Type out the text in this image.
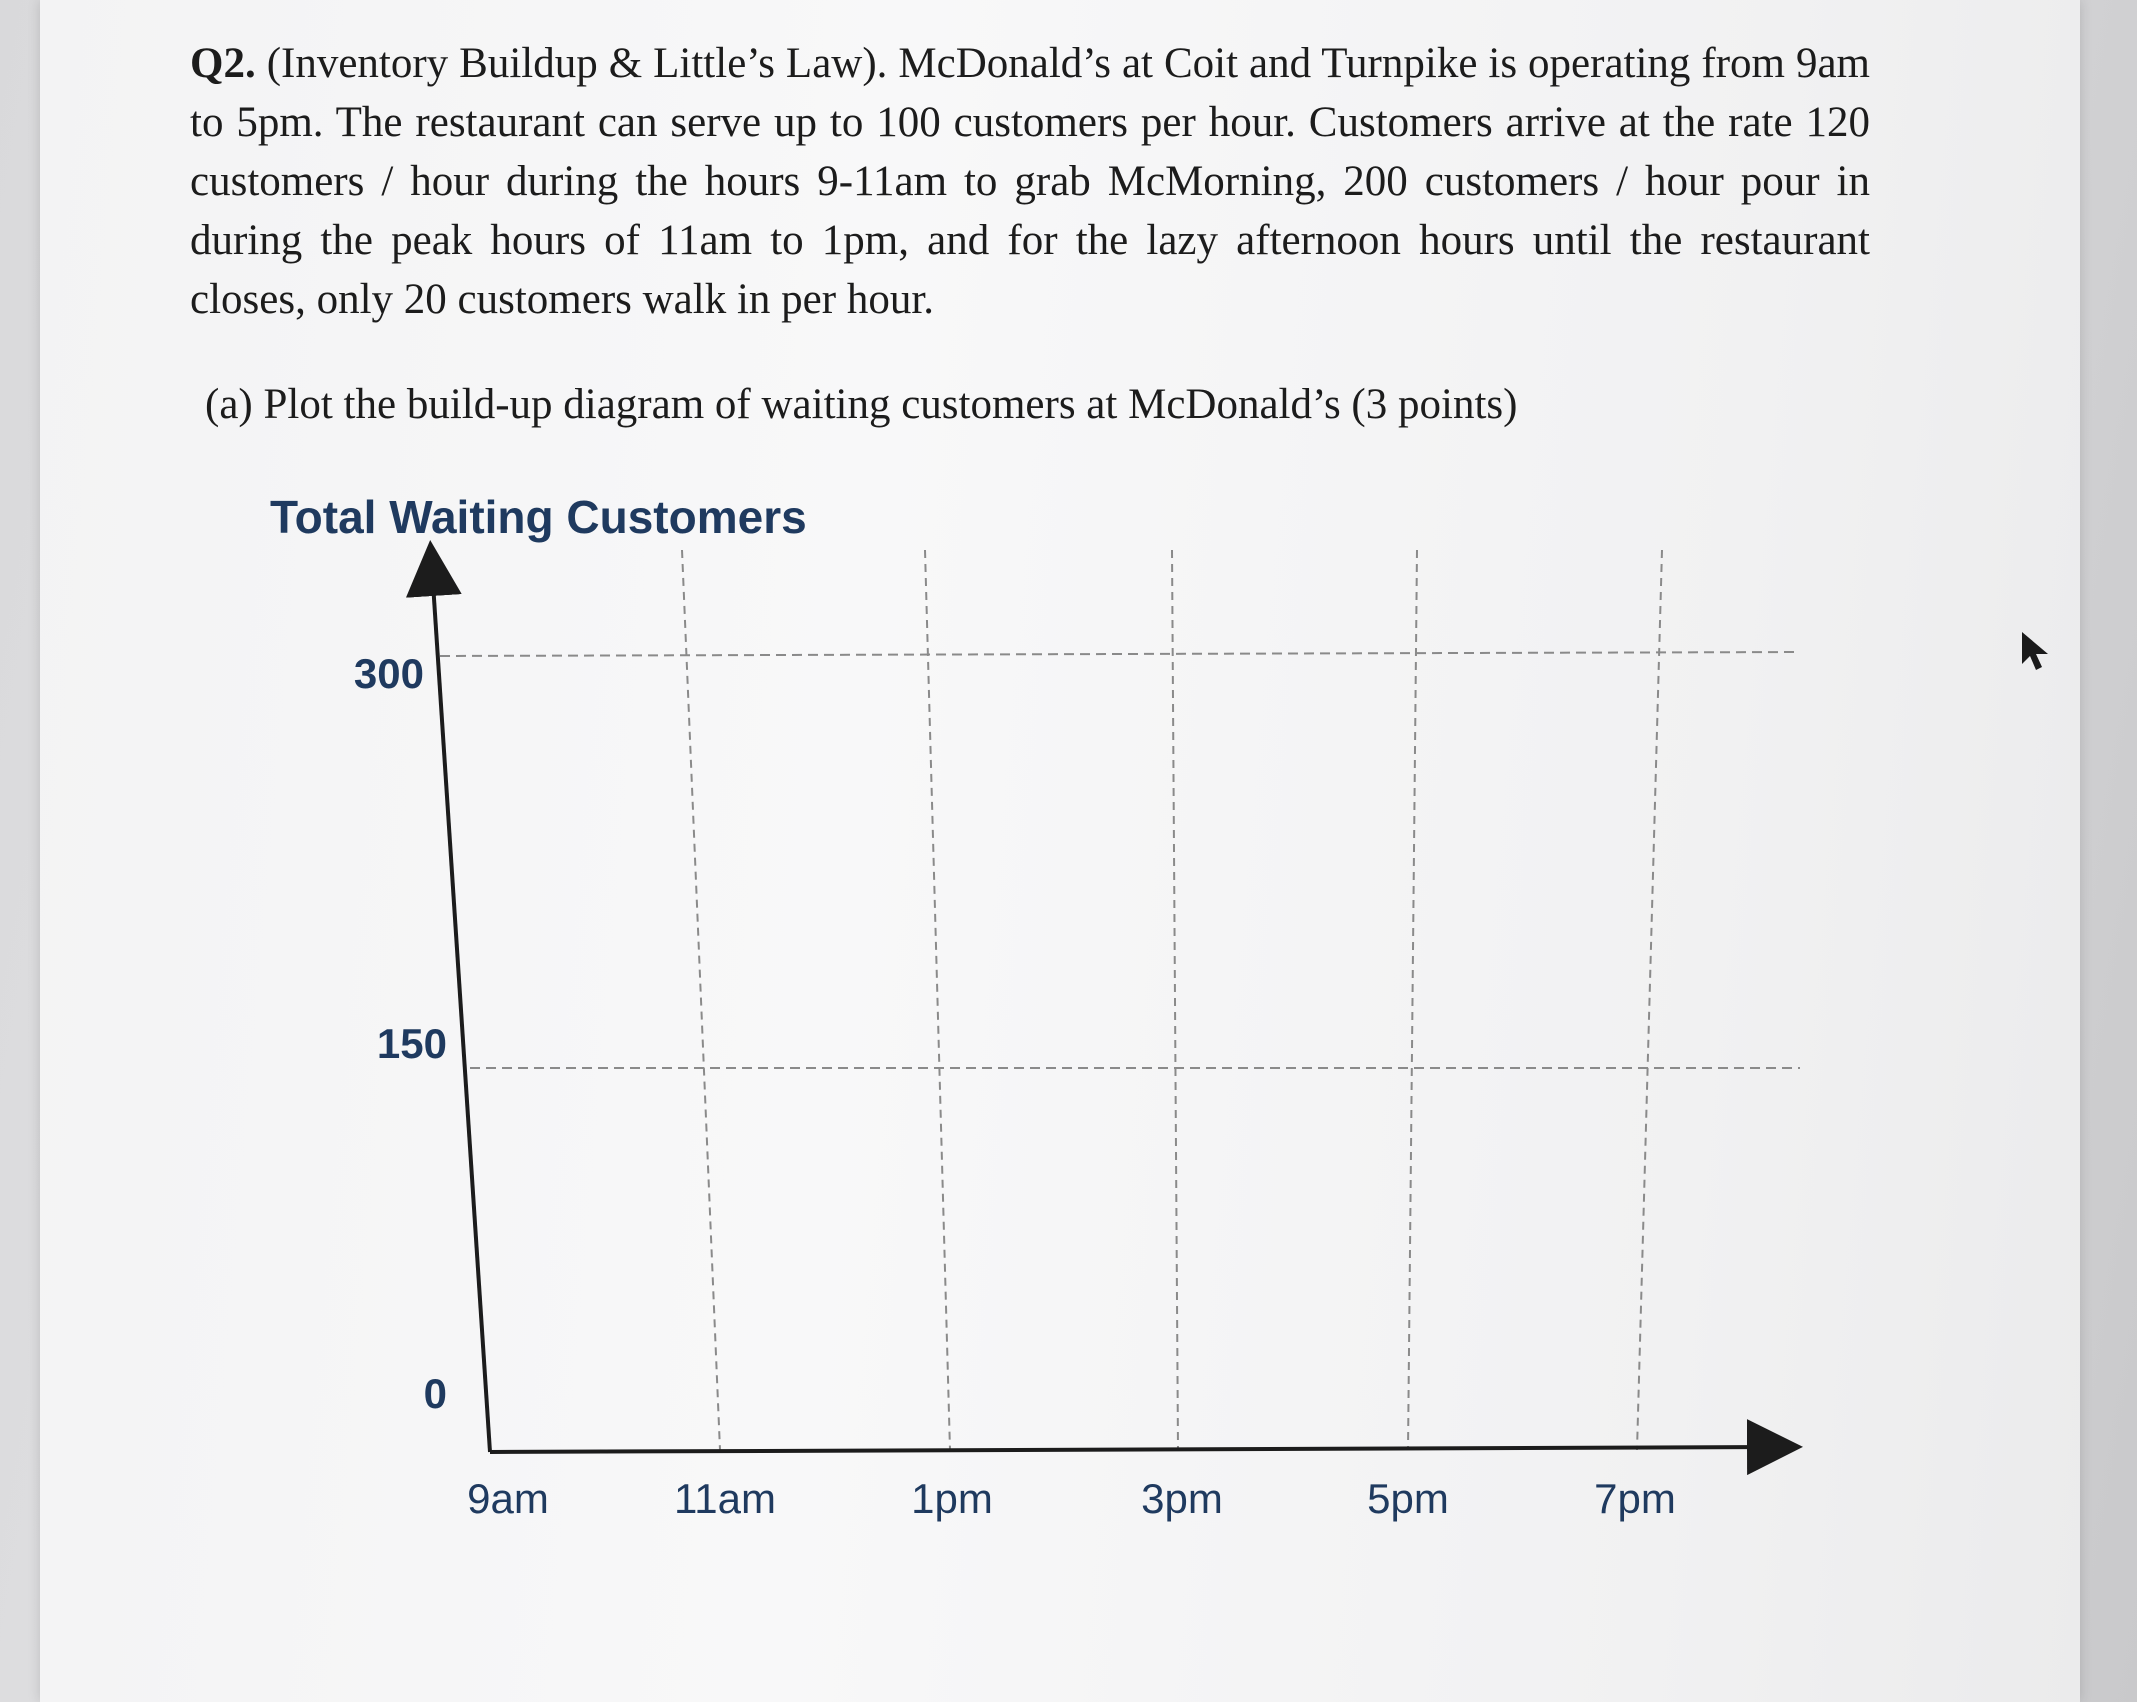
Q2. (Inventory Buildup & Little’s Law). McDonald’s at Coit and Turnpike is operating from 9am to 5pm. The restaurant can serve up to 100 customers per hour. Customers arrive at the rate 120 customers / hour during the hours 9-11am to grab McMorning, 200 customers / hour pour in during the peak hours of 11am to 1pm, and for the lazy afternoon hours until the restaurant closes, only 20 customers walk in per hour.

(a) Plot the build-up diagram of waiting customers at McDonald’s (3 points)

Total Waiting Customers

9am	11am	1pm	3pm	5pm	7pm
0
150
300
